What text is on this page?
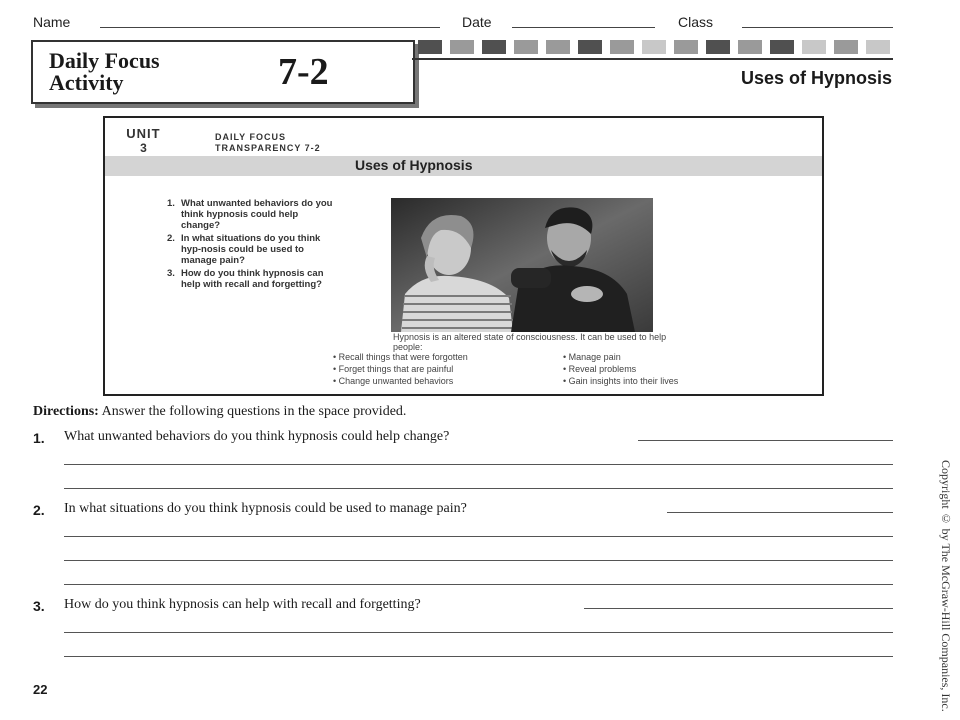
Name	Date	Class
Daily Focus
Activity	7-2	Uses of Hypnosis
UNIT
3
DAILY FOCUS
TRANSPARENCY 7-2
Uses of Hypnosis
1. What unwanted behaviors do you think hypnosis could help change?
2. In what situations do you think hyp-nosis could be used to manage pain?
3. How do you think hypnosis can help with recall and forgetting?
Hypnosis is an altered state of consciousness. It can be used to help people:
• Recall things that were forgotten
• Forget things that are painful
• Change unwanted behaviors
• Manage pain
• Reveal problems
• Gain insights into their lives
Directions: Answer the following questions in the space provided.
1. What unwanted behaviors do you think hypnosis could help change?
2. In what situations do you think hypnosis could be used to manage pain?
3. How do you think hypnosis can help with recall and forgetting?	Copyright © by The McGraw-Hill Companies, Inc.
22
